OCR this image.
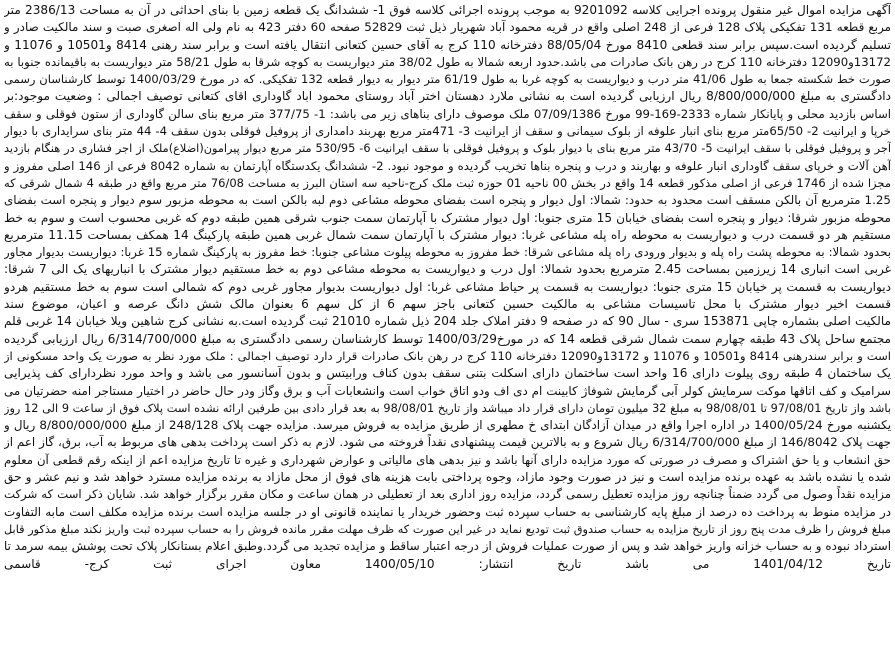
آگهی مزایده اموال غیر منقول پرونده اجرایی کلاسه 9201092 به موجب پرونده اجرائی کلاسه فوق 1- ششدانگ یک قطعه زمین با بنای احداثی در آن به مساحت 2386/13 متر
مربع قطعه 131 تفکیکی پلاک 128 فرعی از 248 اصلی واقع در قریه محمود آباد شهریار ذیل ثبت 52829 صفحه 60 دفتر 423 به نام ولی اله اصغری صبت و سند مالکیت صادر و
تسلیم گردیده است.سپس برابر سند قطعی 8410 مورخ 88/05/04 دفترخانه 110 کرج به آقای حسین کتعانی انتقال یافته است و برابر سند رهنی 8414 و10501 و 11076 و
13172و12090 دفترخانه 110 کرج در رهن بانک صادرات می باشد.حدود اربعه شمالا به طول 38/02 متر دیواریست به کوچه شرقا به طول 58/21 متر دیواریست به باقیمانده جنوبا به
صورت خط شکسته جمعا به طول 41/06 متر درب و دیواریست به کوچه غربا به طول 61/19 متر دیوار به دیوار قطعه 132 تفکیکی. که در مورخ 1400/03/29 توسط کارشناسان رسمی
دادگستری به مبلغ 8/800/000/000 ریال ارزیابی گردیده است به نشانی ملارد دهستان اختر آباد روستای محمود اباد گاوداری اقای کتعانی توصیف اجمالی : وضعیت موجود:بر
اساس بازدید محلی و پایانکار شماره 2333-169-99 مورخ 07/09/1386 ملک موصوف دارای بناهای زیر می باشد: 1- 377/75 متر مربع بنای سالن گاوداری از ستون فوقلی و سقف
خرپا و ایرانیت 2- 65/50متر مربع بنای انبار علوفه از بلوک سیمانی و سقف از ایرانیت 3- 471متر مربع بهربند دامداری از پروفیل فوقلی بدون سقف 4- 44 متر بنای سرایداری با دیوار
آجر و پروفیل فوقلی با سقف ایرانیت 5- 43/70 متر مربع بنای با دیوار بلوک و پروفیل فوقلی با سقف ایرانیت 6- 530/95 متر مربع دیوار پیرامون(اضلاع)ملک از اجر فشاری در هنگام بازدید
آهن آلات و خرپای سقف گاوداری انبار علوفه و بهاربند و درب و پنجره بناها تخریب گردیده و موجود نبود. 2- ششدانگ یکدستگاه آپارتمان به شماره 8042 فرعی از 146 اصلی مفروز و
مجزا شده از 1746 فرعی از اصلی مذکور قطعه 14 واقع در بخش 00 ناحیه 01 حوزه ثبت ملک کرج-ناحیه سه استان البرز به مساحت 76/08 متر مربع واقع در طبقه 4 شمال شرقی که
1.25 مترمربع آن بالکن مسقف است محدود به حدود: شمالا: اول دیوار و پنجره است بفضای محوطه مشاعی دوم لبه بالکن است به محوطه مزبور سوم دیوار و پنجره است بفضای
محوطه مزبور شرقا: دیوار و پنجره است بفضای خیابان 15 متری جنوبا: اول دیوار مشترک با آپارتمان سمت جنوب شرقی همین طبقه دوم که غربی محسوب است و سوم به خط
مستقیم هر دو قسمت درب و دیواریست به محوطه راه پله مشاعی غربا: دیوار مشترک با آپارتمان سمت شمال غربی همین طبقه پارکینگ 14 همکف بمساحت 11.15 مترمربع
بحدود شمالا: به محوطه پشت راه پله و بدیوار ورودی راه پله مشاعی شرقا: خط مفروز به محوطه پیلوت مشاعی جنوبا: خط مفروز به پارکینگ شماره 15 غربا: دیواریست بدیوار مجاور
غربی است انباری 14 زیرزمین بمساحت 2.45 مترمربع بحدود شمالا: اول درب و دیواریست به محوطه مشاعی دوم به خط مستقیم دیوار مشترک با انباریهای یک الی 7 شرقا:
دیواریست به قسمت پر خیابان 15 متری جنوبا: دیواریست به قسمت پر حیاط مشاعی غربا: اول دیواریست بدیوار مجاور غربی دوم که شمالی است سوم به خط مستقیم هردو
قسمت اخیر دیوار مشترک با محل تاسیسات مشاعی به مالکیت حسین کتعانی باجز سهم 6 از کل سهم 6 بعنوان مالک شش دانگ عرصه و اعیان، موضوع سند
مالکیت اصلی بشماره چاپی 153871 سری - سال 90 که در صفحه 9 دفتر املاک جلد 204 ذیل شماره 21010 ثبت گردیده است.به نشانی کرج شاهین ویلا خیابان 14 غربی قلم
مجتمع ساحل پلاک 43 طبقه چهارم سمت شمال شرقی قطعه 14 که در مورخ1400/03/29 توسط کارشناسان رسمی دادگستری به مبلغ 6/314/700/000 ریال ارزیابی گردیده
است و برابر سندرهنی 8414 و10501 و 11076 و 13172و12090 دفترخانه 110 کرج در رهن بانک صادرات قرار دارد توصیف اجمالی : ملک مورد نظر به صورت یک واحد مسکونی از
یک ساختمان 4 طبقه روی پیلوت دارای 16 واحد است ساختمان دارای اسکلت بتنی سقف بدون کناف ورابیتس و بدون آسانسور می باشد و واحد مورد نظردارای کف پذیرایی
سرامیک و کف اتاقها موکت سرمایش کولر آبی گرمایش شوفاژ کابینت ام دی اف ودو اتاق خواب است وانشعابات آب و برق وگاز ودر حال حاضر در اختیار مستاجر امنه حضرتیان می
باشد واز تاریخ 97/08/01 تا 98/08/01 به مبلغ 32 میلیون تومان دارای قرار داد میباشد واز تاریخ 98/08/01 به بعد قرار دادی بین طرفین ارائه نشده است پلاک فوق از ساعت 9 الی 12 روز
یکشنبه مورخ 1400/05/24 در اداره اجرا واقع در میدان آزادگان ابتدای خ مطهری از طریق مزایده به فروش میرسد. مزایده جهت پلاک 248/128 از مبلغ 8/800/000/000 ریال و
جهت پلاک 146/8042 از مبلغ 6/314/700/000 ریال شروع و به بالاترین قیمت پیشنهادی نقداً فروخته می شود. لازم به ذکر است پرداخت بدهی های مربوط به آب، برق، گاز اعم از
حق انشعاب و یا حق اشتراک و مصرف در صورتی که مورد مزایده دارای آنها باشد و نیز بدهی های مالیاتی و عوارض شهرداری و غیره تا تاریخ مزایده اعم از اینکه رقم قطعی آن معلوم
شده یا نشده باشد به عهده برنده مزایده است و نیز در صورت وجود مازاد، وجوه پرداختی بابت هزینه های فوق از محل مازاد به برنده مزایده مسترد خواهد شد و نیم عشر و حق
مزایده نقداً وصول می گردد ضمناً چنانچه روز مزایده تعطیل رسمی گردد، مزایده روز اداری بعد از تعطیلی در همان ساعت و مکان مقرر برگزار خواهد شد. شایان ذکر است که شرکت
در مزایده منوط به پرداخت ده درصد از مبلغ پایه کارشناسی به حساب سپرده ثبت وحضور خریدار یا نماینده قانونی او در جلسه مزایده است برنده مزایده مکلف است مابه التفاوت
مبلغ فروش را ظرف مدت پنج روز از تاریخ مزایده به حساب صندوق ثبت تودیع نماید در غیر این صورت که ظرف مهلت مقرر مانده فروش را به حساب سپرده ثبت واریز نکند مبلغ مذکور قابل
استرداد نبوده و به حساب خزانه واریز خواهد شد و پس از صورت عملیات فروش از درجه اعتبار ساقط و مزایده تجدید می گردد.وطبق اعلام بستانکار پلاک تحت پوشش بیمه سرمد تا
تاریخ 1401/04/12 می باشد تاریخ انتشار: 1400/05/10 معاون اجرای ثبت کرج- قاسمی
